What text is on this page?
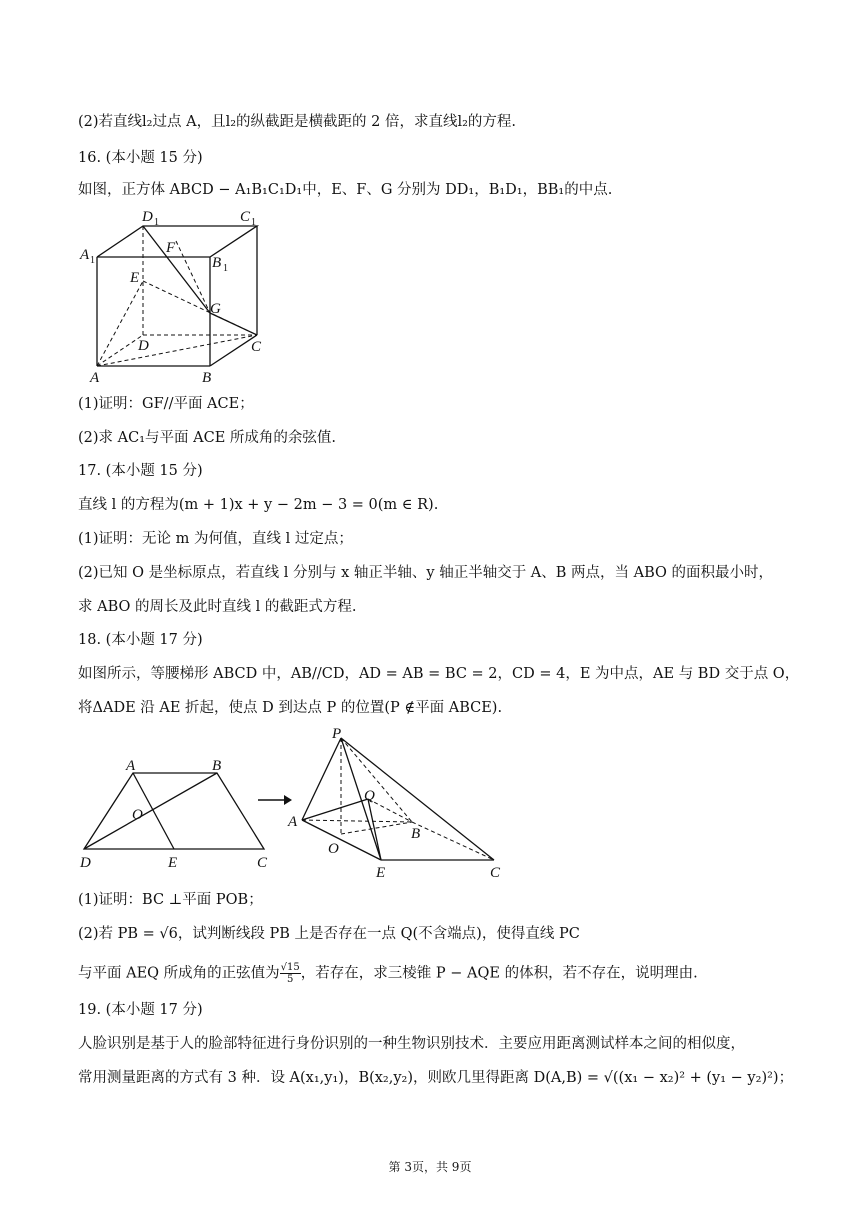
(2)若直线l₂过点 A，且l₂的纵截距是横截距的 2 倍，求直线l₂的方程.
16. (本小题 15 分)
如图，正方体 ABCD − A₁B₁C₁D₁中，E、F、G 分别为 DD₁，B₁D₁，BB₁的中点.
A 1
D 1	C 1
B 1
F
E
G
D	C
A	B
(1)证明：GF//平面 ACE；
(2)求 AC₁与平面 ACE 所成角的余弦值.
17. (本小题 15 分)
直线 l 的方程为(m + 1)x + y − 2m − 3 = 0(m ∈ R).
(1)证明：无论 m 为何值，直线 l 过定点；
(2)已知 O 是坐标原点，若直线 l 分别与 x 轴正半轴、y 轴正半轴交于 A、B 两点，当 ABO 的面积最小时，
求 ABO 的周长及此时直线 l 的截距式方程.
18. (本小题 17 分)
如图所示，等腰梯形 ABCD 中，AB//CD，AD = AB = BC = 2，CD = 4，E 为中点，AE 与 BD 交于点 O，
将ΔADE 沿 AE 折起，使点 D 到达点 P 的位置(P ∉平面 ABCE).
A	B
O
D	E	C
P
Q
A
B
O
E	C
(1)证明：BC ⊥平面 POB；
(2)若 PB = √6，试判断线段 PB 上是否存在一点 Q(不含端点)，使得直线 PC
与平面 AEQ 所成角的正弦值为 $\frac{√15}{5}$ ，若存在，求三棱锥 P − AQE 的体积，若不存在，说明理由.
19. (本小题 17 分)
人脸识别是基于人的脸部特征进行身份识别的一种生物识别技术．主要应用距离测试样本之间的相似度，
常用测量距离的方式有 3 种．设 A(x₁,y₁)，B(x₂,y₂)，则欧几里得距离 D(A,B) = √((x₁ − x₂)² + (y₁ − y₂)²)；
第 3页，共 9页
